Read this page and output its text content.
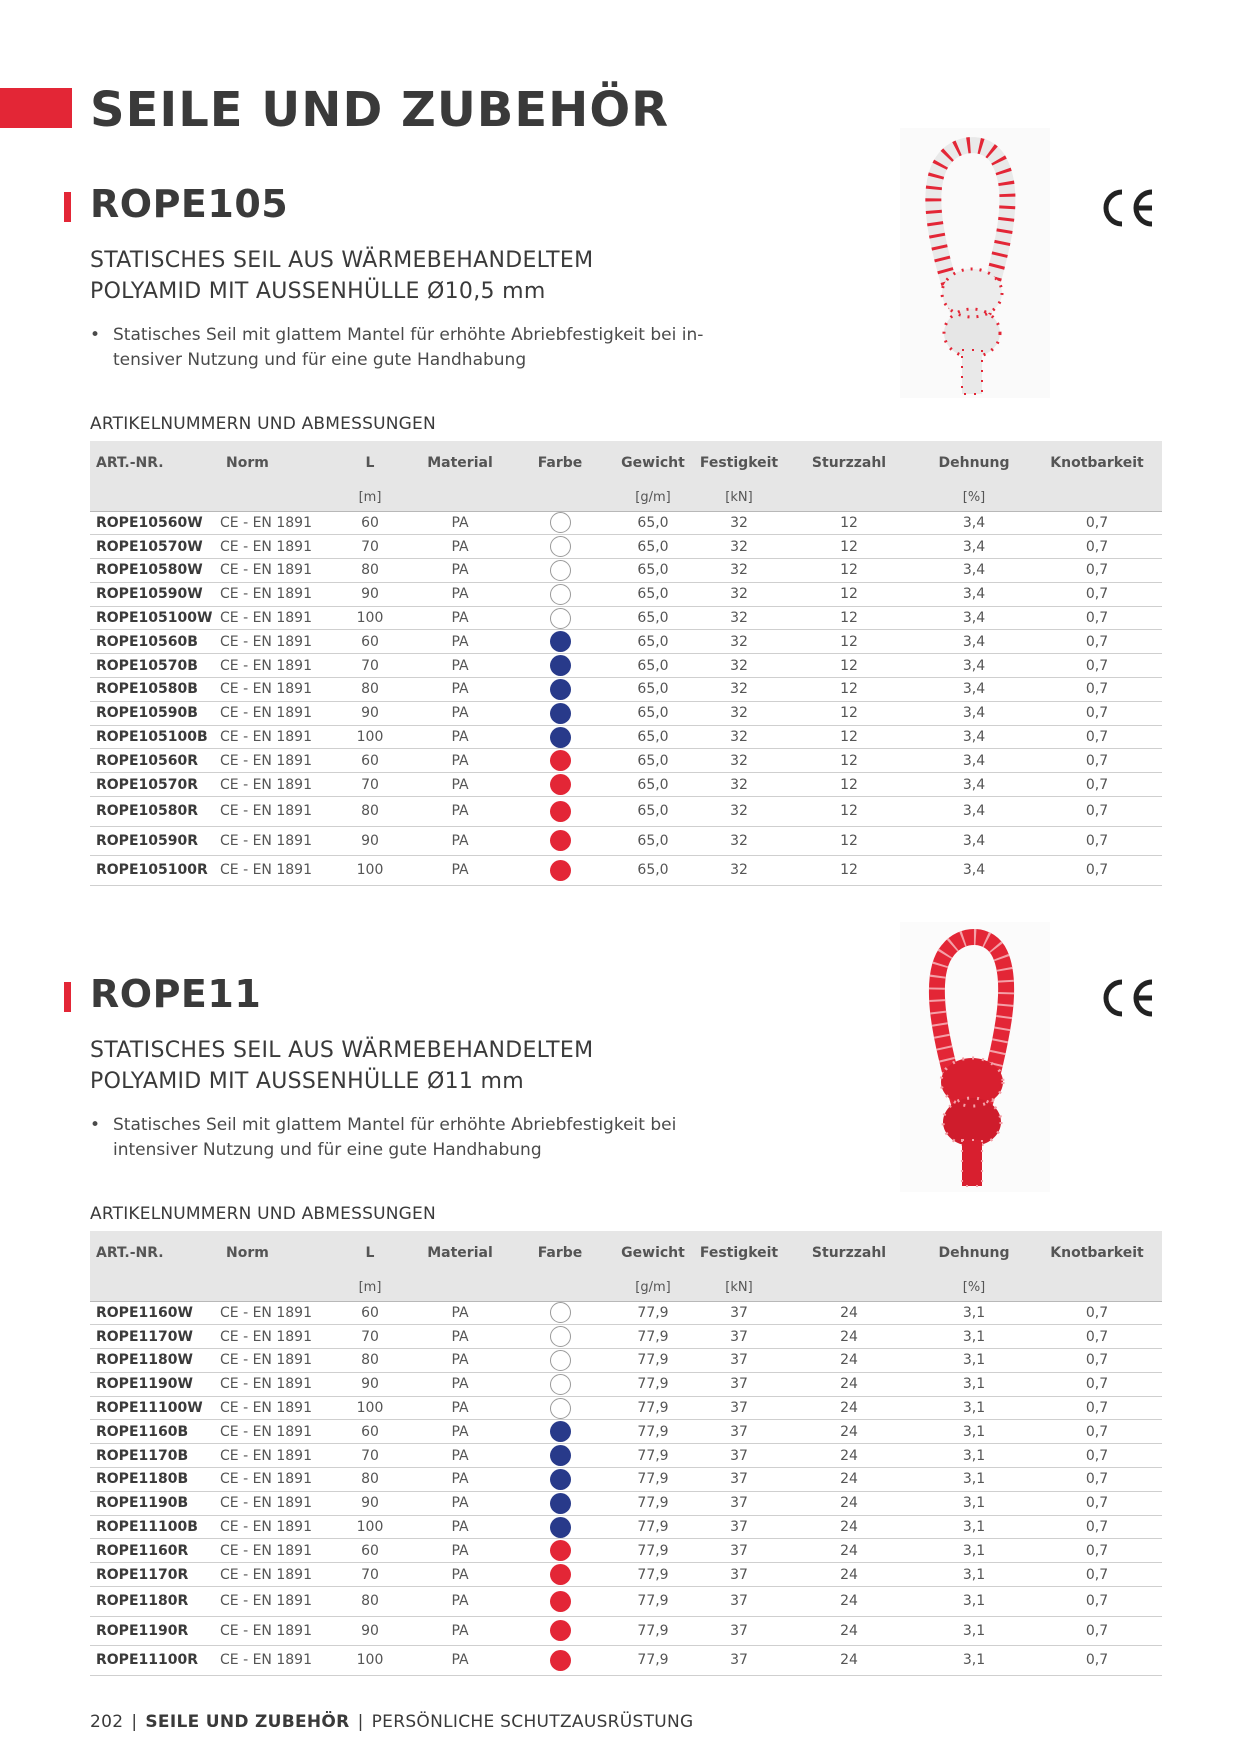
SEILE UND ZUBEHÖR
ROPE105
STATISCHES SEIL AUS WÄRMEBEHANDELTEM
POLYAMID MIT AUSSENHÜLLE Ø10,5 mm
• Statisches Seil mit glattem Mantel für erhöhte Abriebfestigkeit bei in-tensiver Nutzung und für eine gute Handhabung
ARTIKELNUMMERN UND ABMESSUNGEN
ART.-NR.	Norm	L	Material	Farbe	Gewicht	Festigkeit	Sturzzahl	Dehnung	Knotbarkeit
		[m]			[g/m]	[kN]		[%]	
ROPE10560W	CE - EN 1891	60	PA		65,0	32	12	3,4	0,7
ROPE10570W	CE - EN 1891	70	PA		65,0	32	12	3,4	0,7
ROPE10580W	CE - EN 1891	80	PA		65,0	32	12	3,4	0,7
ROPE10590W	CE - EN 1891	90	PA		65,0	32	12	3,4	0,7
ROPE105100W	CE - EN 1891	100	PA		65,0	32	12	3,4	0,7
ROPE10560B	CE - EN 1891	60	PA		65,0	32	12	3,4	0,7
ROPE10570B	CE - EN 1891	70	PA		65,0	32	12	3,4	0,7
ROPE10580B	CE - EN 1891	80	PA		65,0	32	12	3,4	0,7
ROPE10590B	CE - EN 1891	90	PA		65,0	32	12	3,4	0,7
ROPE105100B	CE - EN 1891	100	PA		65,0	32	12	3,4	0,7
ROPE10560R	CE - EN 1891	60	PA		65,0	32	12	3,4	0,7
ROPE10570R	CE - EN 1891	70	PA		65,0	32	12	3,4	0,7
ROPE10580R	CE - EN 1891	80	PA		65,0	32	12	3,4	0,7
ROPE10590R	CE - EN 1891	90	PA		65,0	32	12	3,4	0,7
ROPE105100R	CE - EN 1891	100	PA		65,0	32	12	3,4	0,7
ROPE11
STATISCHES SEIL AUS WÄRMEBEHANDELTEM
POLYAMID MIT AUSSENHÜLLE Ø11 mm
• Statisches Seil mit glattem Mantel für erhöhte Abriebfestigkeit bei intensiver Nutzung und für eine gute Handhabung
ARTIKELNUMMERN UND ABMESSUNGEN
ART.-NR.	Norm	L	Material	Farbe	Gewicht	Festigkeit	Sturzzahl	Dehnung	Knotbarkeit
		[m]			[g/m]	[kN]		[%]	
ROPE1160W	CE - EN 1891	60	PA		77,9	37	24	3,1	0,7
ROPE1170W	CE - EN 1891	70	PA		77,9	37	24	3,1	0,7
ROPE1180W	CE - EN 1891	80	PA		77,9	37	24	3,1	0,7
ROPE1190W	CE - EN 1891	90	PA		77,9	37	24	3,1	0,7
ROPE11100W	CE - EN 1891	100	PA		77,9	37	24	3,1	0,7
ROPE1160B	CE - EN 1891	60	PA		77,9	37	24	3,1	0,7
ROPE1170B	CE - EN 1891	70	PA		77,9	37	24	3,1	0,7
ROPE1180B	CE - EN 1891	80	PA		77,9	37	24	3,1	0,7
ROPE1190B	CE - EN 1891	90	PA		77,9	37	24	3,1	0,7
ROPE11100B	CE - EN 1891	100	PA		77,9	37	24	3,1	0,7
ROPE1160R	CE - EN 1891	60	PA		77,9	37	24	3,1	0,7
ROPE1170R	CE - EN 1891	70	PA		77,9	37	24	3,1	0,7
ROPE1180R	CE - EN 1891	80	PA		77,9	37	24	3,1	0,7
ROPE1190R	CE - EN 1891	90	PA		77,9	37	24	3,1	0,7
ROPE11100R	CE - EN 1891	100	PA		77,9	37	24	3,1	0,7
202 | SEILE UND ZUBEHÖR | PERSÖNLICHE SCHUTZAUSRÜSTUNG
